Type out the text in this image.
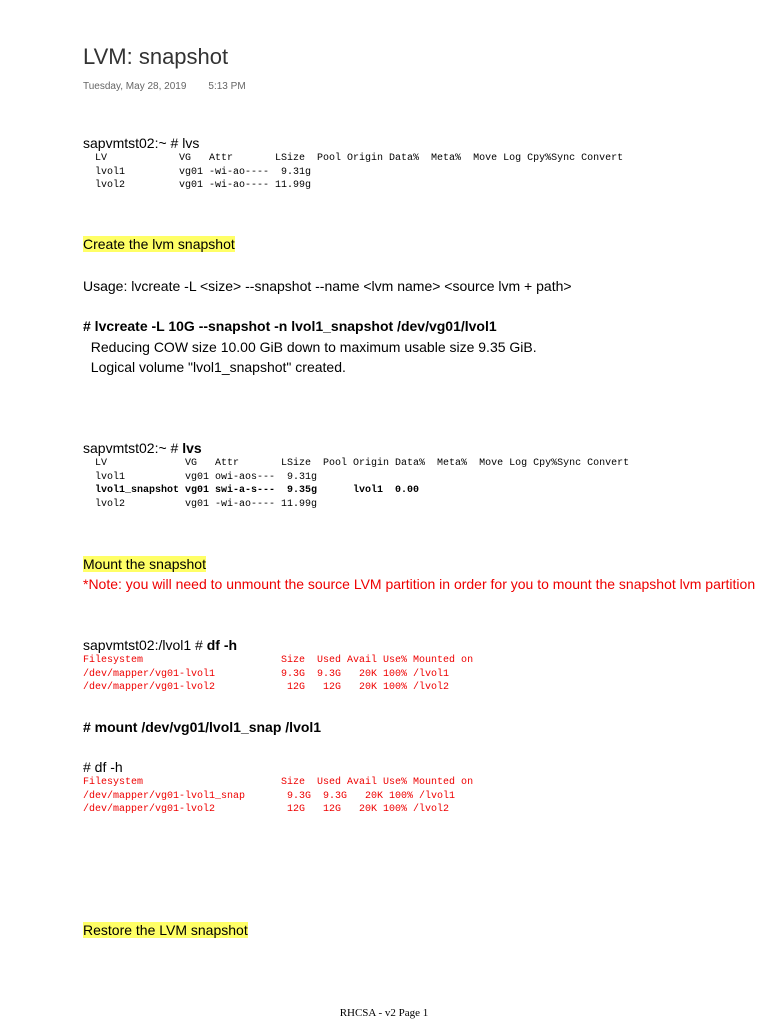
LVM: snapshot
Tuesday, May 28, 2019 5:13 PM
sapvmtst02:~ # lvs
LV            VG   Attr       LSize  Pool Origin Data%  Meta%  Move Log Cpy%Sync Convert
lvol1         vg01 -wi-ao----  9.31g
lvol2         vg01 -wi-ao---- 11.99g
Create the lvm snapshot
Usage: lvcreate -L <size> --snapshot --name <lvm name> <source lvm + path>
# lvcreate -L 10G --snapshot -n lvol1_snapshot /dev/vg01/lvol1
Reducing COW size 10.00 GiB down to maximum usable size 9.35 GiB.
Logical volume "lvol1_snapshot" created.
sapvmtst02:~ # lvs
LV             VG   Attr       LSize  Pool Origin Data%  Meta%  Move Log Cpy%Sync Convert
lvol1          vg01 owi-aos---  9.31g
lvol1_snapshot vg01 swi-a-s---  9.35g      lvol1  0.00
lvol2          vg01 -wi-ao---- 11.99g
Mount the snapshot
*Note: you will need to unmount the source LVM partition in order for you to mount the snapshot lvm partition
sapvmtst02:/lvol1 # df -h
Filesystem                       Size  Used Avail Use% Mounted on
/dev/mapper/vg01-lvol1           9.3G  9.3G   20K 100% /lvol1
/dev/mapper/vg01-lvol2            12G   12G   20K 100% /lvol2
# mount /dev/vg01/lvol1_snap /lvol1
# df -h
Filesystem                       Size  Used Avail Use% Mounted on
/dev/mapper/vg01-lvol1_snap       9.3G  9.3G   20K 100% /lvol1
/dev/mapper/vg01-lvol2            12G   12G   20K 100% /lvol2
Restore the LVM snapshot
RHCSA - v2 Page 1
